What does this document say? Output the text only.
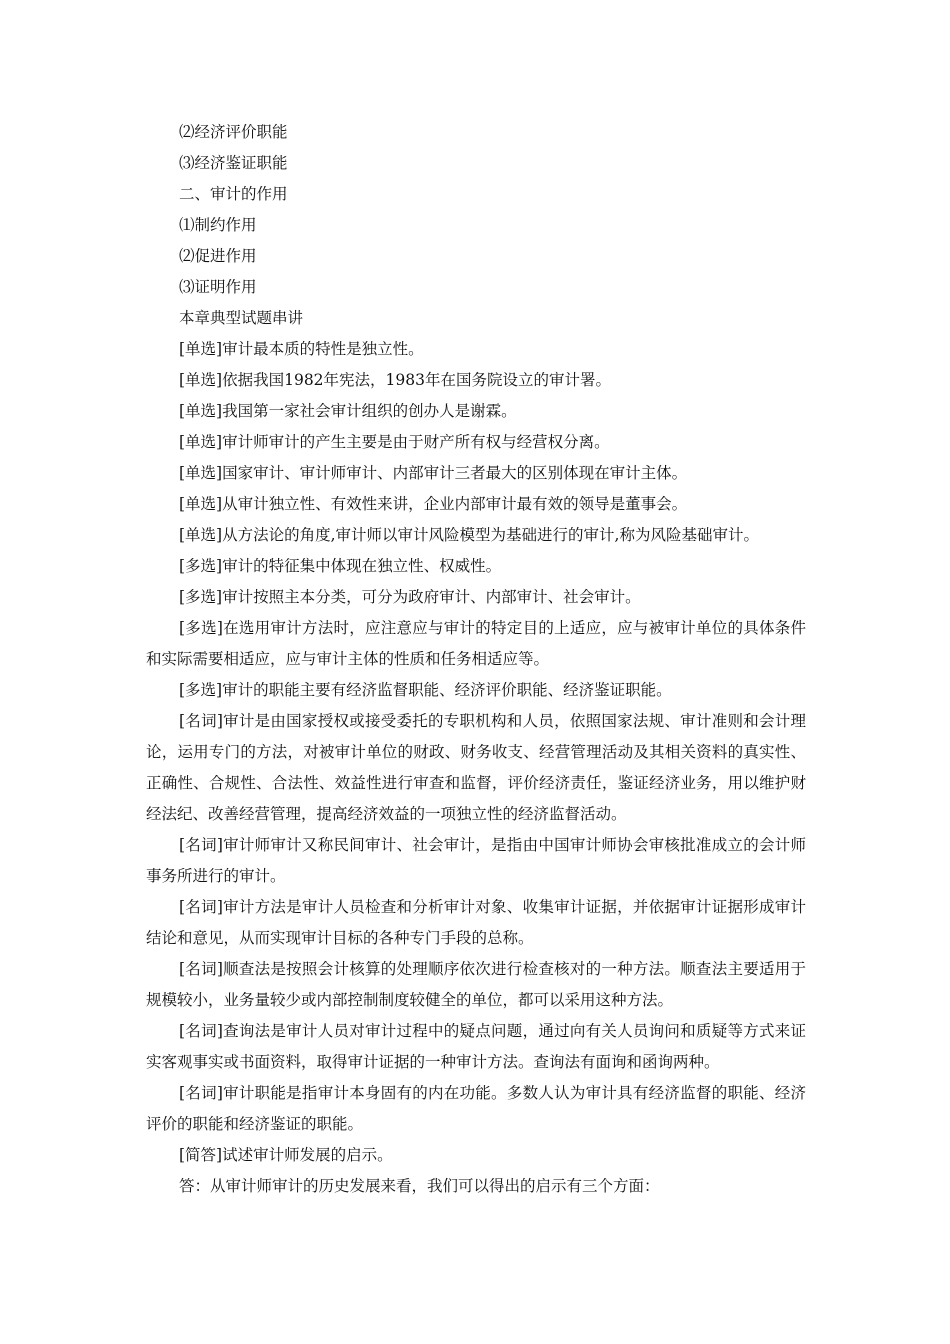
⑵经济评价职能
⑶经济鉴证职能
二、审计的作用
⑴制约作用
⑵促进作用
⑶证明作用
本章典型试题串讲
[单选]审计最本质的特性是独立性。
[单选]依据我国1982年宪法，1983年在国务院设立的审计署。
[单选]我国第一家社会审计组织的创办人是谢霖。
[单选]审计师审计的产生主要是由于财产所有权与经营权分离。
[单选]国家审计、审计师审计、内部审计三者最大的区别体现在审计主体。
[单选]从审计独立性、有效性来讲，企业内部审计最有效的领导是董事会。
[单选]从方法论的角度,审计师以审计风险模型为基础进行的审计,称为风险基础审计。
[多选]审计的特征集中体现在独立性、权威性。
[多选]审计按照主本分类，可分为政府审计、内部审计、社会审计。
[多选]在选用审计方法时，应注意应与审计的特定目的上适应，应与被审计单位的具体条件和实际需要相适应，应与审计主体的性质和任务相适应等。
[多选]审计的职能主要有经济监督职能、经济评价职能、经济鉴证职能。
[名词]审计是由国家授权或接受委托的专职机构和人员，依照国家法规、审计准则和会计理论，运用专门的方法，对被审计单位的财政、财务收支、经营管理活动及其相关资料的真实性、正确性、合规性、合法性、效益性进行审查和监督，评价经济责任，鉴证经济业务，用以维护财经法纪、改善经营管理，提高经济效益的一项独立性的经济监督活动。
[名词]审计师审计又称民间审计、社会审计，是指由中国审计师协会审核批准成立的会计师事务所进行的审计。
[名词]审计方法是审计人员检查和分析审计对象、收集审计证据，并依据审计证据形成审计结论和意见，从而实现审计目标的各种专门手段的总称。
[名词]顺查法是按照会计核算的处理顺序依次进行检查核对的一种方法。顺查法主要适用于规模较小，业务量较少或内部控制制度较健全的单位，都可以采用这种方法。
[名词]查询法是审计人员对审计过程中的疑点问题，通过向有关人员询问和质疑等方式来证实客观事实或书面资料，取得审计证据的一种审计方法。查询法有面询和函询两种。
[名词]审计职能是指审计本身固有的内在功能。多数人认为审计具有经济监督的职能、经济评价的职能和经济鉴证的职能。
[简答]试述审计师发展的启示。
答：从审计师审计的历史发展来看，我们可以得出的启示有三个方面：
